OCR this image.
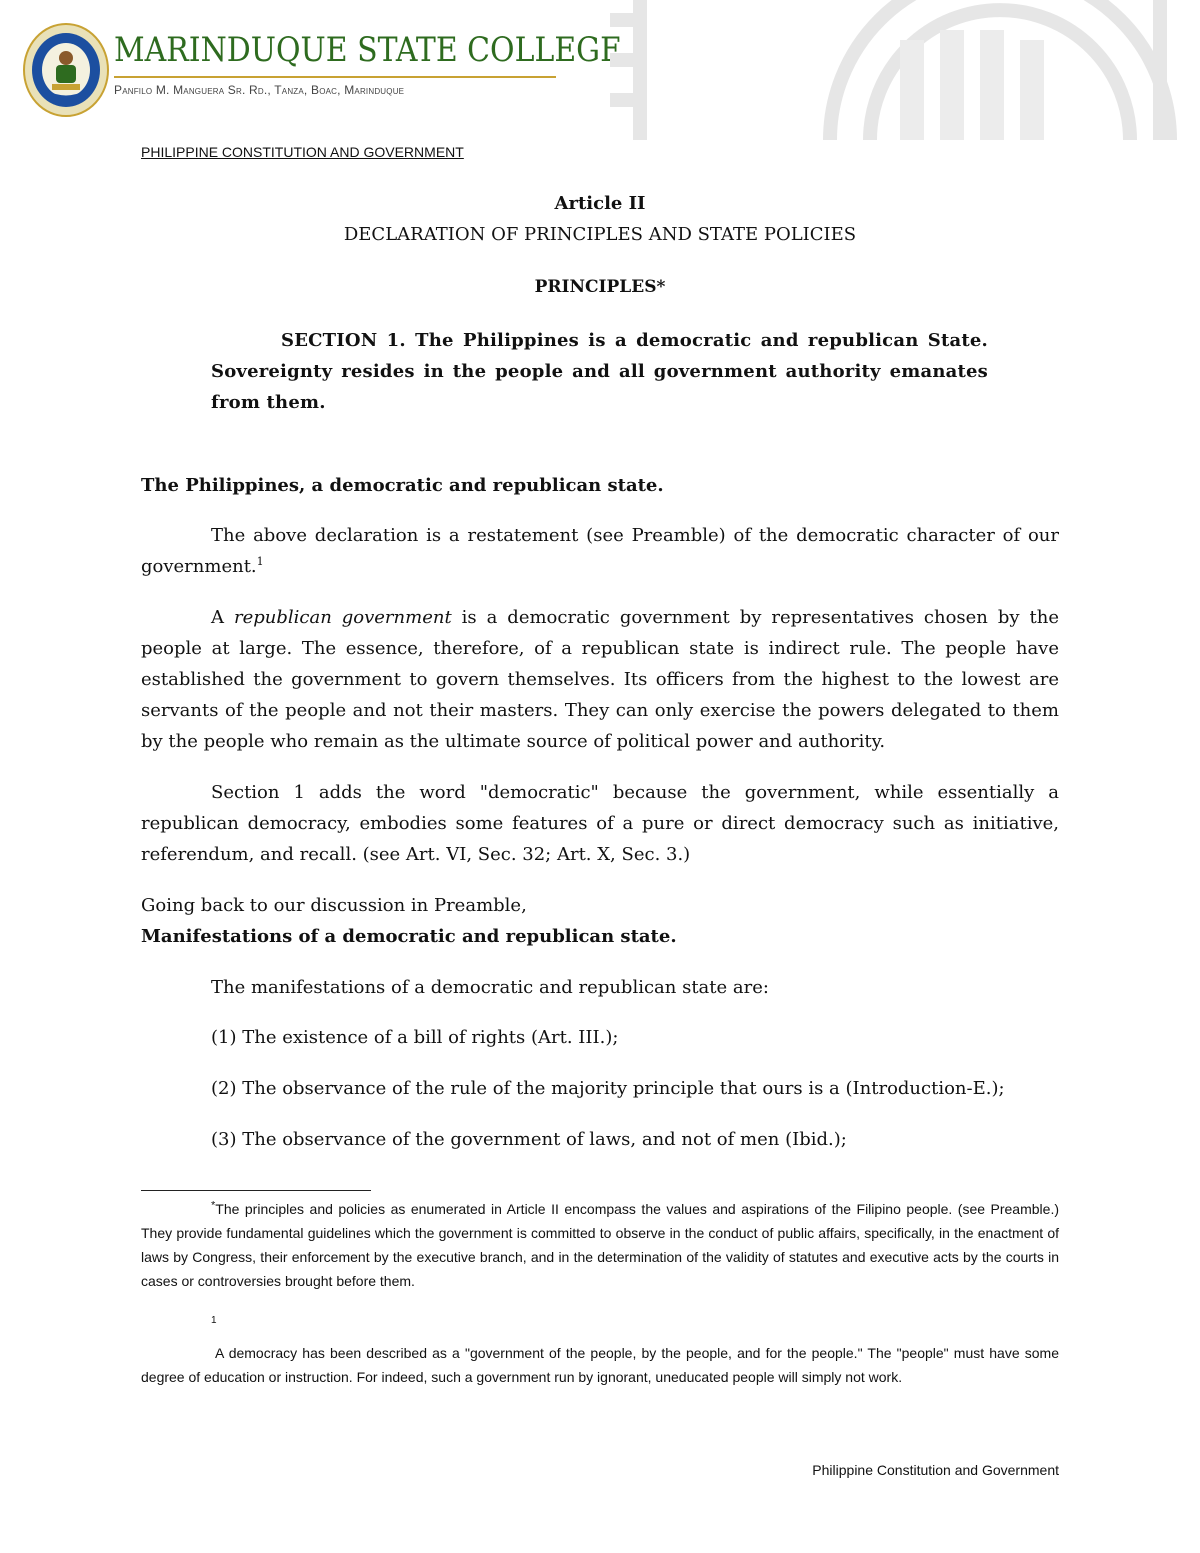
MARINDUQUE STATE COLLEGE
Panfilo M. Manguera Sr. Rd., Tanza, Boac, Marinduque
PHILIPPINE CONSTITUTION AND GOVERNMENT
Article II
DECLARATION OF PRINCIPLES AND STATE POLICIES
PRINCIPLES*
SECTION 1. The Philippines is a democratic and republican State. Sovereignty resides in the people and all government authority emanates from them.
The Philippines, a democratic and republican state.
The above declaration is a restatement (see Preamble) of the democratic character of our government.$^1$
A republican government is a democratic government by representatives chosen by the people at large. The essence, therefore, of a republican state is indirect rule. The people have established the government to govern themselves. Its officers from the highest to the lowest are servants of the people and not their masters. They can only exercise the powers delegated to them by the people who remain as the ultimate source of political power and authority.
Section 1 adds the word "democratic" because the government, while essentially a republican democracy, embodies some features of a pure or direct democracy such as initiative, referendum, and recall. (see Art. VI, Sec. 32; Art. X, Sec. 3.)
Going back to our discussion in Preamble,
Manifestations of a democratic and republican state.
The manifestations of a democratic and republican state are:
(1) The existence of a bill of rights (Art. III.);
(2) The observance of the rule of the majority principle that ours is a (Introduction-E.);
(3) The observance of the government of laws, and not of men (Ibid.);
*The principles and policies as enumerated in Article II encompass the values and aspirations of the Filipino people. (see Preamble.) They provide fundamental guidelines which the government is committed to observe in the conduct of public affairs, specifically, in the enactment of laws by Congress, their enforcement by the executive branch, and in the determination of the validity of statutes and executive acts by the courts in cases or controversies brought before them.
1
A democracy has been described as a "government of the people, by the people, and for the people." The "people" must have some degree of education or instruction. For indeed, such a government run by ignorant, uneducated people will simply not work.
Philippine Constitution and Government
